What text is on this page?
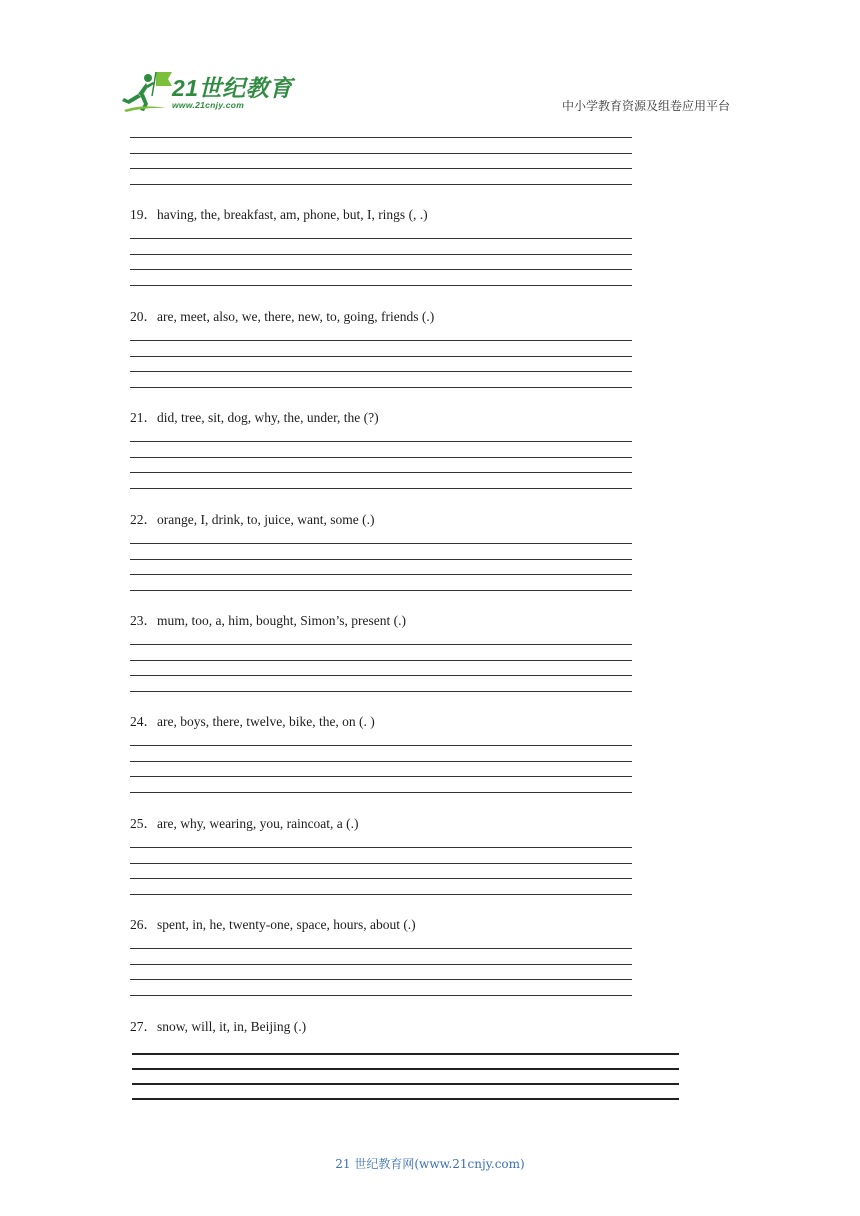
21世纪教育
www.21cnjy.com	中小学教育资源及组卷应用平台
19．having, the, breakfast, am, phone, but, I, rings (, .)
20．are, meet, also, we, there, new, to, going, friends (.)
21．did, tree, sit, dog, why, the, under, the (?)
22．orange, I, drink, to, juice, want, some (.)
23．mum, too, a, him, bought, Simon’s, present (.)
24．are, boys, there, twelve, bike, the, on (. )
25．are, why, wearing, you, raincoat, a (.)
26．spent, in, he, twenty-one, space, hours, about (.)
27．snow, will, it, in, Beijing (.)
21 世纪教育网(www.21cnjy.com)
